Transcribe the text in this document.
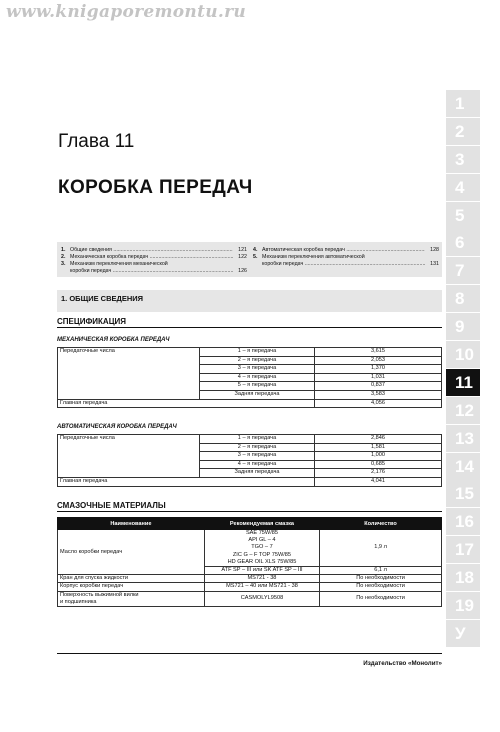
www.knigaporemontu.ru
Глава 11
КОРОБКА ПЕРЕДАЧ
1
2
3
4
5
6
7
8
9
10
11
12
13
14
15
16
17
18
19
У
1. Общие сведения .....	121
2. Механическая коробка передач .....	122
3. Механизм переключения механической
коробки передач .....	126
4. Автоматическая коробка передач .....	128
5. Механизм переключения автоматической
коробки передач .....	131
1. ОБЩИЕ СВЕДЕНИЯ
СПЕЦИФИКАЦИЯ
МЕХАНИЧЕСКАЯ КОРОБКА ПЕРЕДАЧ
Передаточные числа	1 – я передача	3,615
	2 – я передача	2,053
	3 – я передача	1,370
	4 – я передача	1,031
	5 – я передача	0,837
	Задняя передача	3,583
Главная передача		4,056
АВТОМАТИЧЕСКАЯ КОРОБКА ПЕРЕДАЧ
Передаточные числа	1 – я передача	2,846
	2 – я передача	1,581
	3 – я передача	1,000
	4 – я передача	0,685
	Задняя передача	2,176
Главная передача		4,041
СМАЗОЧНЫЕ МАТЕРИАЛЫ
Наименование	Рекомендуемая смазка	Количество
Масло коробки передач	SAE 75W/85
API GL – 4
TGO – 7
ZIC G – F TOP 75W/85
HD GEAR OIL XLS 75W/85	1,9 л
	ATF SP – III или SK ATF SP – III	6,1 л
Кран для спуска жидкости	MS721 - 38	По необходимости
Корпус коробки передач	MS721 – 40 или MS721 - 38	По необходимости

Поверхность выжимной вилки
и подшипника	CASMOLYL9508	По необходимости
Издательство «Монолит»
